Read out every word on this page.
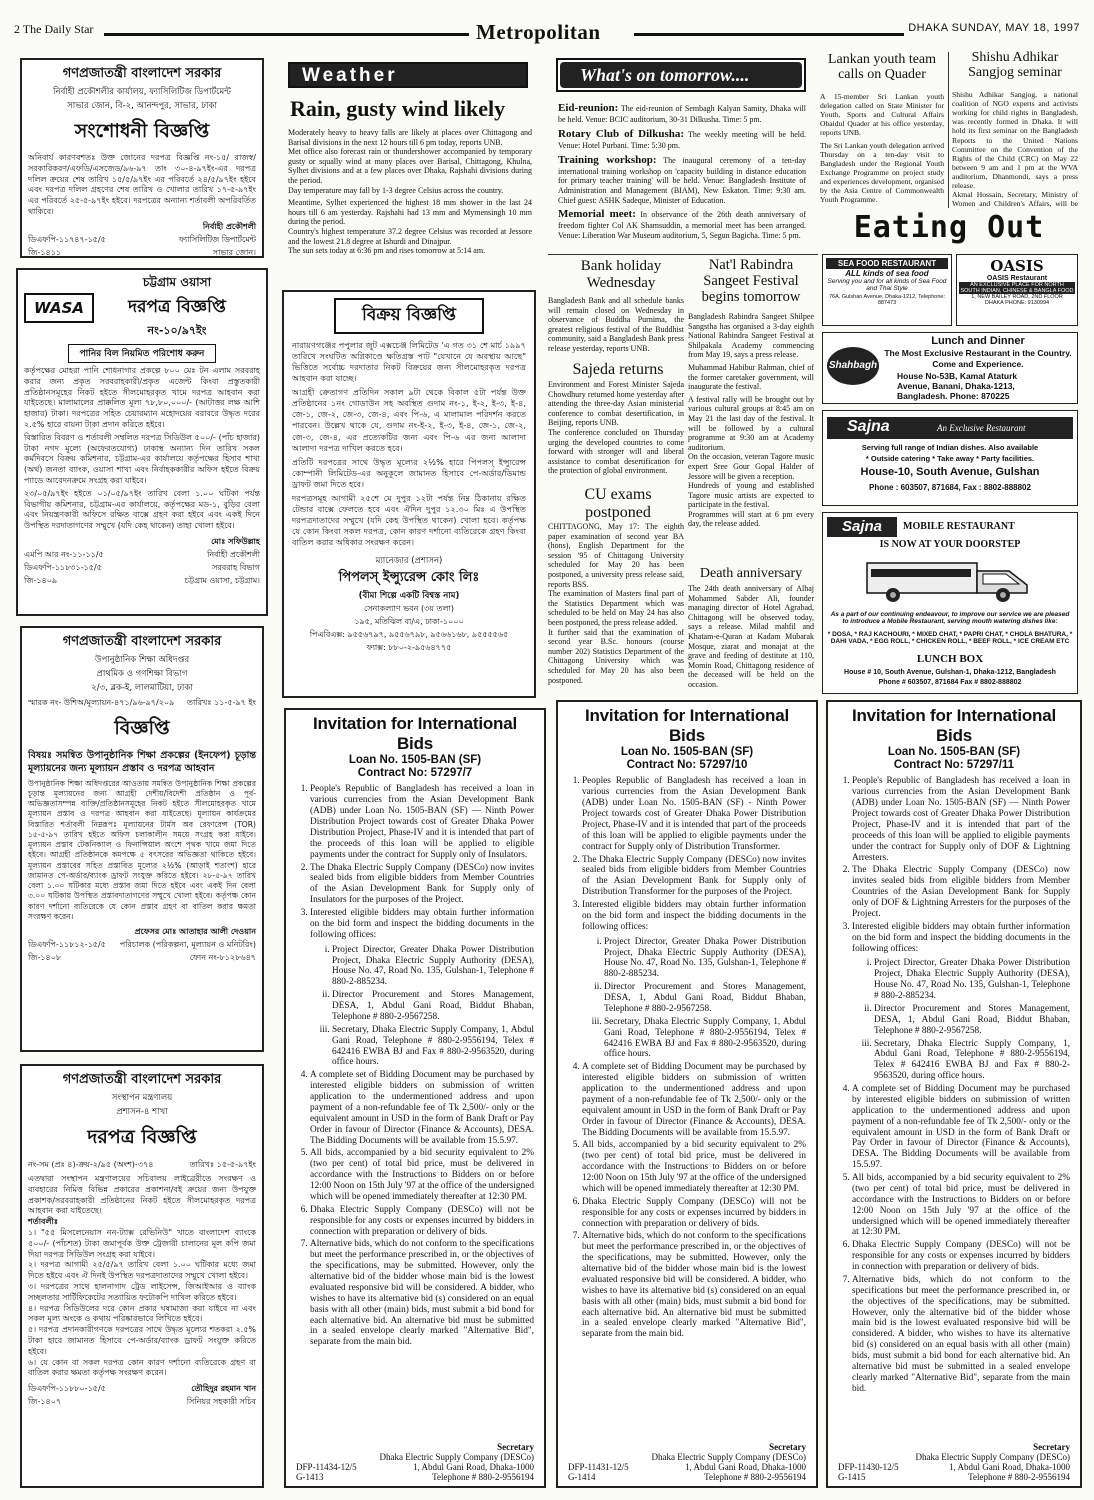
2 The Daily Star	Metropolitan	DHAKA SUNDAY, MAY 18, 1997
গণপ্রজাতন্ত্রী বাংলাদেশ সরকার
নির্বাহী প্রকৌশলীর কার্যালয়, ফ্যাসিলিটিজ ডিপার্টমেন্ট
সাভার জোন, বি-২, আনন্দপুর, সাভার, ঢাকা
সংশোধনী বিজ্ঞপ্তি
অনিবার্য কারণবশতঃ উক্ত জোনের দরপত্র বিজ্ঞপ্তি নং-১৫/ রাজস্ব/সরকারিকরণ/এফডি/এসজেড/৯৬-৯৭ তাং ৩০-৪-৯৭ইং-এর দরপত্র দলিল ক্রয়ের শেষ তারিখ ১৫/৫/৯৭ইং এর পরিবর্তে ২৪/৫/৯৭ইং হইবে এবং দরপত্র দলিল গ্রহণের শেষ তারিখ ও খোলার তারিখ ১৭-৫-৯৭ইং এর পরিবর্তে ২৫-৫-৯৭ইং হইবে। দরপত্রের অন্যান্য শর্তাবলী অপরিবর্তিত থাকিবে।
নির্বাহী প্রকৌশলী
ডিএফপি-১১৭৪৭-১৫/৫	ফ্যাসিলিটিজ ডিপার্টমেন্ট
জি-১৪১১	সাভার জোন।
WASA
চট্টগ্রাম ওয়াসা
দরপত্র বিজ্ঞপ্তি
নং-১০/৯৭ইং
পানির বিল নিয়মিত পরিশোধ করুন
কর্তৃপক্ষের মোহরা পানি শোধনাগার প্রকল্পে ৮০০ মেঃ টন এলাম সরবরাহ করার জন্য প্রকৃত সরবরাহকারী/প্রকৃত এজেন্ট কিংবা প্রস্তুতকারী প্রতিষ্ঠানসমূহের নিকট হইতে সীলমোহরকৃত খামে দরপত্র আহবান করা যাইতেছে। মালামালের প্রাক্কলিত মূল্য ৭৮,৮০,০০০/- (আটাত্তর লক্ষ আশি হাজার) টাকা। দরপত্রের সহিত চেয়ারম্যান মহোদয়ের বরাবরে উদ্ধৃত দরের ২.৫% হারে বায়না টাকা প্রদান করিতে হইবে।
বিস্তারিত বিবরণ ও শর্তাবলী সম্বলিত দরপত্র সিডিউল ৫০০/- (পাঁচ হাজার) টাকা নগদ মূল্যে (অফেরতযোগ্য) ঢাকাস্থ অন্যান্য দিন তারিখ সকল কর্মদিবসে বিক্রয় কমিশনার, চট্টগ্রাম-এর কার্যালয়ে কর্তৃপক্ষের হিসাব শাখা (অর্থ) জনতা ব্যাংক, ওয়াসা শাখা এবং নির্বাহককারীর অফিস হইতে বিক্রয় প্যাডে আবেদনক্রমে সংগ্রহ করা যাইবে।
২৩/০৫/৯৭ইং হইতে ০১/০৫/৯৭ইং তারিখ বেলা ১.০০ ঘটিকা পর্যন্ত বিভাগীয় কমিশনার, চট্টগ্রাম-এর কার্যালয়ে, কর্তৃপক্ষের মড-১, বুড়ির বেলা এবং নিয়ন্ত্রণকারী অফিসে রক্ষিত বাক্সে গ্রহণ করা হইবে এবং একই দিনে উপস্থিত দরদাতাগণের সম্মুখে (যদি কেহ থাকেন) তাহা খোলা হইবে।
মোঃ সফিউল্লাহ
এমপি আর নং-১১-১১/৫	নির্বাহী প্রকৌশলী
ডিএফপি-১১৮৩১-১৫/৫	সরবরাহ বিভাগ
জি-১৪০৯	চট্টগ্রাম ওয়াসা, চট্টগ্রাম।
গণপ্রজাতন্ত্রী বাংলাদেশ সরকার
উপানুষ্ঠানিক শিক্ষা অধিদপ্তর
প্রাথমিক ও গণশিক্ষা বিভাগ
২/৩, ব্লক-ই, লালমাটিয়া, ঢাকা
স্মারক নং- উশিঅ/মূল্যায়ন-৪৭১/৯৬-৯৭/২০৯ তারিখঃ ১১-৫-৯৭ ইং
বিজ্ঞপ্তি
বিষয়ঃ সমন্বিত উপানুষ্ঠানিক শিক্ষা প্রকল্পের (ইনফেপ) চূড়ান্ত মূল্যায়নের জন্য মূল্যায়ন প্রস্তাব ও দরপত্র আহবান
উপানুষ্ঠানিক শিক্ষা অধিদপ্তরের আওতায় সমন্বিত উপানুষ্ঠানিক শিক্ষা প্রকল্পের চূড়ান্ত মূল্যায়নের জন্য আগ্রহী দেশীয়/বিদেশী প্রতিষ্ঠান ও পূর্ব-অভিজ্ঞতাসম্পন্ন ব্যক্তি/প্রতিষ্ঠানসমূহের নিকট হইতে সীলমোহরকৃত খামে মূল্যায়ন প্রস্তাব ও দরপত্র আহবান করা যাইতেছে। মূল্যায়ন কার্যক্রমের বিস্তারিত শর্তাবলী নিম্নরূপঃ মূল্যায়নের টার্মস অব রেফারেন্স (TOR) ১৫-৫-৯৭ তারিখ হইতে অফিস চলাকালীন সময়ে সংগ্রহ করা যাইবে। মূল্যায়ন প্রস্তাব টেকনিক্যাল ও ফিনান্সিয়াল অংশে পৃথক খামে জমা দিতে হইবে। আগ্রহী প্রতিষ্ঠানকে কমপক্ষে ৫ বৎসরের অভিজ্ঞতা থাকিতে হইবে। মূল্যায়ন প্রস্তাবের সহিত প্রস্তাবিত মূল্যের ২½% (আড়াই শতাংশ) হারে জামানত পে-অর্ডার/ব্যাংক ড্রাফট সংযুক্ত করিতে হইবে। ২৮-৫-৯৭ তারিখ বেলা ১.০০ ঘটিকার মধ্যে প্রস্তাব জমা দিতে হইবে এবং একই দিন বেলা ৩.০০ ঘটিকায় উপস্থিত প্রস্তাবদাতাগণের সম্মুখে খোলা হইবে। কর্তৃপক্ষ কোন কারণ দর্শানো ব্যতিরেকে যে কোন প্রস্তাব গ্রহণ বা বাতিল করার ক্ষমতা সংরক্ষণ করেন।
প্রফেসর মোঃ আতাহার আলী দেওয়ান
ডিএফপি-১১৮১২-১৫/৫ পরিচালক (পরিকল্পনা, মূল্যায়ন ও মনিটরিং)
জি-১৪০৮	ফোন নং-৮১২৮৬৪৭
গণপ্রজাতন্ত্রী বাংলাদেশ সরকার
সংস্থাপন মন্ত্রণালয়
প্রশাসন-৪ শাখা
দরপত্র বিজ্ঞপ্তি
নং-সম (প্রঃ ৪)-ক্রয়-২/৯৫ (অংশ)-৩৭৪	তারিখঃ ১৫-৫-৯৭ইং
এতদ্বারা সংস্থাপন মন্ত্রণালয়ের সচিবালয় লাইব্রেরীতে সংরক্ষণ ও ব্যবহারের নিমিত্ত বিভিন্ন প্রকারের প্রকাশনা/বই ক্রয়ের জন্য উপযুক্ত প্রকাশক/সরবরাহকারী প্রতিষ্ঠানের নিকট হইতে সীলমোহরকৃত দরপত্র আহবান করা যাইতেছে।
শর্তাবলীঃ
১। "৫৫ মিসলেনেয়াস নন-ট্যাক্স রেভিনিউ" খাতে বাংলাদেশ ব্যাংকে ৫০০/- (পাঁচশত) টাকা জমাপূর্বক উক্ত ট্রেজারী চালানের মূল কপি জমা দিয়া দরপত্র সিডিউল সংগ্রহ করা যাইবে।
২। দরপত্র আগামী ২৫/৫/৯৭ তারিখ বেলা ১.০০ ঘটিকার মধ্যে জমা দিতে হইবে এবং ঐ দিনই উপস্থিত দরপত্রদাতাদের সম্মুখে খোলা হইবে।
৩। দরপত্রের সাথে হালনাগাদ ট্রেড লাইসেন্স, জিআইআর ও ব্যাংক সচ্ছলতার সার্টিফিকেটের সত্যায়িত ফটোকপি দাখিল করিতে হইবে।
৪। দরপত্র সিডিউলের দরে কোন প্রকার ঘষামাজা করা যাইবে না এবং সকল মূল্য অংকে ও কথায় পরিষ্কারভাবে লিখিতে হইবে।
৫। দরপত্র প্রদানকারীগণকে দরপত্রের সাথে উদ্ধৃত মূল্যের শতকরা ২.৫% টাকা হারে জামানত হিসাবে পে-অর্ডার/ব্যাংক ড্রাফট সংযুক্ত করিতে হইবে।
৬। যে কোন বা সকল দরপত্র কোন কারণ দর্শানো ব্যতিরেকে গ্রহণ বা বাতিল করার ক্ষমতা কর্তৃপক্ষ সংরক্ষণ করেন।
ডিএফপি-১১৮৮০-১৫/৫	তৌহিদুর রহমান খান
জি-১৪০৭	সিনিয়র সহকারী সচিব
Weather
Rain, gusty wind likely

Moderately heavy to heavy falls are likely at places over Chittagong and Barisal divisions in the next 12 hours till 6 pm today, reports UNB.

Met office also forecast rain or thundershower accompanied by temporary gusty or squally wind at many places over Barisal, Chittagong, Khulna, Sylhet divisions and at a few places over Dhaka, Rajshahi divisions during the period.

Day temperature may fall by 1-3 degree Celsius across the country.

Meantime, Sylhet experienced the highest 18 mm shower in the last 24 hours till 6 am yesterday. Rajshahi had 13 mm and Mymensingh 10 mm during the period.

Country's highest temperature 37.2 degree Celsius was recorded at Jessore and the lowest 21.8 degree at Ishurdi and Dinajpur.

The sun sets today at 6:36 pm and rises tomorrow at 5:14 am.

বিক্রয় বিজ্ঞপ্তি
নারায়ণগঞ্জের পপুলার জুট এক্সচেঞ্জ লিমিটেড 'এ গত ৩১ শে মার্চ ১৯৯৭ তারিখে সংঘটিত অগ্নিকাণ্ডে ক্ষতিগ্রস্ত পাট "যেখানে যে অবস্থায় আছে" ভিত্তিতে সর্বোচ্চ দরদাতার নিকট বিক্রয়ের জন্য সীলমোহরকৃত দরপত্র আহবান করা যাচ্ছে।
আগ্রহী ক্রেতাগণ প্রতিদিন সকাল ৯টা থেকে বিকাল ৫টা পর্যন্ত উক্ত প্রতিষ্ঠানের ১নং গোডাউন সহ অবস্থিত গুদাম নং-১, ই-২, ই-৩, ই-৪, জে-১, জে-২, জে-৩, জে-৪, এবং পি-৬, এ মালামাল পরিদর্শন করতে পারবেন। উল্লেখ থাকে যে, গুদাম নং-ই-২, ই-৩, ই-৪, জে-১, জে-২, জে-৩, জে-৪, এর প্রত্যেকটির জন্য এবং পি-৬ এর জন্য আলাদা আলাদা দরপত্র দাখিল করতে হবে।
প্রতিটি দরপত্রের সাথে উদ্ধৃত মূল্যের ২½% হারে পিপলস্ ইন্স্যুরেন্স কোম্পানী লিমিটেড-এর অনুকূলে জামানত হিসাবে পে-অর্ডার/ডিমান্ড ড্রাফট জমা দিতে হবে।
দরপত্রসমূহ আগামী ২৫শে মে দুপুর ১২টা পর্যন্ত নিম্ন ঠিকানায় রক্ষিত টেন্ডার বাক্সে ফেলতে হবে এবং ঐদিন দুপুর ১২.৩০ মিঃ এ উপস্থিত দরপত্রদাতাদের সম্মুখে (যদি কেহ উপস্থিত থাকেন) খোলা হবে। কর্তৃপক্ষ যে কোন কিংবা সকল দরপত্র, কোন কারণ দর্শানো ব্যতিরেকে গ্রহণ কিংবা বাতিল করার অধিকার সংরক্ষণ করেন।
ম্যানেজার (প্রশাসন)
পিপলস্ ইন্স্যুরেন্স কোং লিঃ
(বীমা শিল্পে একটি বিশ্বস্ত নাম)
সেনাকল্যাণ ভবন (৩য় তলা)
১৯৫, মতিঝিল বা/এ, ঢাকা-১০০০
পিএবিএক্স: ৯৫৫৬৭৯৭, ৯৫৫৬৭৯৮, ৯৫৬৬১৬৮, ৯৫৫৫৫৬৫
ফ্যাক্স: ৮৮০-২-৯৫৬৪৭৭৫
What's on tomorrow....

Eid-reunion: The eid-reunion of Sembagh Kalyan Samity, Dhaka will be held. Venue: BCIC auditorium, 30-31 Dilkusha. Time: 5 pm.

Rotary Club of Dilkusha: The weekly meeting will be held. Venue: Hotel Purbani. Time: 5:30 pm.

Training workshop: The inaugural ceremony of a ten-day international training workshop on 'capacity building in distance education for primary teacher training' will be held. Venue: Bangladesh Institute of Administration and Management (BIAM), New Eskaton. Time: 9:30 am. Chief guest: ASHK Sadeque, Minister of Education.

Memorial meet: In observance of the 26th death anniversary of freedom fighter Col AK Shamsuddin, a memorial meet has been arranged. Venue: Liberation War Museum auditorium, 5, Segun Bagicha. Time: 5 pm.

Bank holiday Wednesday
Bangladesh Bank and all schedule banks will remain closed on Wednesday in observance of Buddha Purnima, the greatest religious festival of the Buddhist community, said a Bangladesh Bank press release yesterday, reports UNB.
Sajeda returns

Environment and Forest Minister Sajeda Chowdhury returned home yesterday after attending the three-day Asian ministerial conference to combat desertification, in Beijing, reports UNB.

The conference concluded on Thursday urging the developed countries to come forward with stronger will and liberal assistance to combat desertification for the protection of global environment.

CU exams postponed

CHITTAGONG, May 17: The eighth paper examination of second year BA (hons), English Department for the session '95 of Chittagong University scheduled for May 20 has been postponed, a university press release said, reports BSS.

The examination of Masters final part of the Statistics Department which was scheduled to be held on May 24 has also been postponed, the press release added.

It further said that the examination of second year B.Sc. honours (course number 202) Statistics Department of the Chittagong University which was scheduled for May 20 has also been postponed.

Nat'l Rabindra Sangeet Festival begins tomorrow

Bangladesh Rabindra Sangeet Shilpee Sangstha has organised a 3-day eighth National Rabindra Sangeet Festival at Shilpakala Academy commencing from May 19, says a press release.

Muhammad Habibur Rahman, chief of the former caretaker government, will inaugurate the festival.

A festival rally will be brought out by various cultural groups at 8:45 am on May 21 the last day of the festival. It will be followed by a cultural programme at 9:30 am at Academy auditorium.

On the occasion, veteran Tagore music expert Sree Gour Gopal Halder of Jessore will be given a reception.

Hundreds of young and established Tagore music artists are expected to participate in the festival.

Programmes will start at 6 pm every day, the release added.

Death anniversary
The 24th death anniversary of Alhaj Mohammed Sabder Ali, founder managing director of Hotel Agrabad, Chittagong will be observed today, says a release. Milad mahfil and Khatam-e-Quran at Kadam Mubarak Mosque, ziarat and monajat at the grave and feeding of destitute at 110, Momin Road, Chittagong residence of the deceased will be held on the occasion.
Lankan youth team calls on Quader

A 15-member Sri Lankan youth delegation called on State Minister for Youth, Sports and Cultural Affairs Obaidul Quader at his office yesterday, reports UNB.

The Sri Lankan youth delegation arrived Thursday on a ten-day visit to Bangladesh under the Regional Youth Exchange Programme on project study and experiences development, organised by the Asia Centre of Commonwealth Youth Programme.

Shishu Adhikar Sangjog seminar

Shishu Adhikar Sangjog, a national coalition of NGO experts and activists working for child rights in Bangladesh, was recently formed in Dhaka. It will hold its first seminar on the Bangladesh Reports to the United Nations Committee on the Convention of the Rights of the Child (CRC) on May 22 between 9 am and 1 pm at the WVA auditorium, Dhanmondi, says a press release.

Akmal Hossain, Secretary, Ministry of Women and Children's Affairs, will be

Eating Out
SEA FOOD RESTAURANT
ALL kinds of sea food
Serving you and for all kinds of Sea Food and Thai Style
76A, Gulshan Avenue, Dhaka-1212, Telephone: 887473
OASIS
OASIS Restaurant
AN EXCLUSIVE PLACE FOR NORTH
SOUTH INDIAN, CHINESE & BANGLA FOOD
1, NEW BAILEY ROAD, 2ND FLOOR
DHAKA PHONE: 9130994
Shahbagh
Lunch and Dinner
The Most Exclusive Restaurant in the Country.
Come and Experience.
House No-53B, Kamal Ataturk
Avenue, Banani, Dhaka-1213,
Bangladesh. Phone: 870225
Sajna	An Exclusive Restaurant
Serving full range of Indian dishes. Also available
* Outside catering * Take away * Party facilities.
House-10, South Avenue, Gulshan
Phone : 603507, 871684, Fax : 8802-888802
Sajna	MOBILE RESTAURANT
IS NOW AT YOUR DOORSTEP
As a part of our continuing endeavour, to improve our service we are pleased to introduce a Mobile Restaurant, serving mouth watering dishes like:
* DOSA, * RAJ KACHOURI, * MIXED CHAT, * PAPRI CHAT, * CHOLA BHATURA, * DAHI VADA, * EGG ROLL, * CHICKEN ROLL, * BEEF ROLL, * ICE CREAM ETC
LUNCH BOX
House # 10, South Avenue, Gulshan-1, Dhaka-1212, Bangladesh
Phone # 603507, 871684 Fax # 8802-888802
Invitation for International Bids
Loan No. 1505-BAN (SF)
Contract No: 57297/7
1. People's Republic of Bangladesh has received a loan in various currencies from the Asian Development Bank (ADB) under Loan No. 1505-BAN (SF) — Ninth Power Distribution Project towards cost of Greater Dhaka Power Distribution Project, Phase-IV and it is intended that part of the proceeds of this loan will be applied to eligible payments under the contract for Supply only of Insulators.
2. The Dhaka Electric Supply Company (DESCo) now invites sealed bids from eligible bidders from Member Countries of the Asian Development Bank for Supply only of Insulators for the purposes of the Project.
3. Interested eligible bidders may obtain further information on the bid form and inspect the bidding documents in the following offices:
i. Project Director, Greater Dhaka Power Distribution Project, Dhaka Electric Supply Authority (DESA), House No. 47, Road No. 135, Gulshan-1, Telephone # 880-2-885234.
ii. Director Procurement and Stores Management, DESA, 1, Abdul Gani Road, Biddut Bhaban, Telephone # 880-2-9567258.
iii. Secretary, Dhaka Electric Supply Company, 1, Abdul Gani Road, Telephone # 880-2-9556194, Telex # 642416 EWBA BJ and Fax # 880-2-9563520, during office hours.
4. A complete set of Bidding Document may be purchased by interested eligible bidders on submission of written application to the undermentioned address and upon payment of a non-refundable fee of Tk 2,500/- only or the equivalent amount in USD in the form of Bank Draft or Pay Order in favour of Director (Finance & Accounts), DESA. The Bidding Documents will be available from 15.5.97.
5. All bids, accompanied by a bid security equivalent to 2% (two per cent) of total bid price, must be delivered in accordance with the Instructions to Bidders on or before 12:00 Noon on 15th July '97 at the office of the undersigned which will be opened immediately thereafter at 12:30 PM.
6. Dhaka Electric Supply Company (DESCo) will not be responsible for any costs or expenses incurred by bidders in connection with preparation or delivery of bids.
7. Alternative bids, which do not conform to the specifications but meet the performance prescribed in, or the objectives of the specifications, may be submitted. However, only the alternative bid of the bidder whose main bid is the lowest evaluated responsive bid will be considered. A bidder, who wishes to have its alternative bid (s) considered on an equal basis with all other (main) bids, must submit a bid bond for each alternative bid. An alternative bid must be submitted in a sealed envelope clearly marked "Alternative Bid", separate from the main bid.
Secretary
Dhaka Electric Supply Company (DESCo)
DFP-11434-12/5	1, Abdul Gani Road, Dhaka-1000
G-1413	Telephone # 880-2-9556194
Invitation for International Bids
Loan No. 1505-BAN (SF)
Contract No: 57297/10
1. Peoples Republic of Bangladesh has received a loan in various currencies from the Asian Development Bank (ADB) under Loan No. 1505-BAN (SF) - Ninth Power Project towards cost of Greater Dhaka Power Distribution Project, Phase-IV and it is intended that part of the proceeds of this loan will be applied to eligible payments under the contract for Supply only of Distribution Transformer.
2. The Dhaka Electric Supply Company (DESCo) now invites sealed bids from eligible bidders from Member Countries of the Asian Development Bank for Supply only of Distribution Transformer for the purposes of the Project.
3. Interested eligible bidders may obtain further information on the bid form and inspect the bidding documents in the following offices:
i. Project Director, Greater Dhaka Power Distribution Project, Dhaka Electric Supply Authority (DESA), House No. 47, Road No. 135, Gulshan-1, Telephone # 880-2-885234.
ii. Director Procurement and Stores Management, DESA, 1, Abdul Gani Road, Biddut Bhaban, Telephone # 880-2-9567258.
iii. Secretary, Dhaka Electric Supply Company, 1, Abdul Gani Road, Telephone # 880-2-9556194, Telex # 642416 EWBA BJ and Fax # 880-2-9563520, during office hours.
4. A complete set of Bidding Document may be purchased by interested eligible bidders on submission of written application to the undermentioned address and upon payment of a non-refundable fee of Tk 2,500/- only or the equivalent amount in USD in the form of Bank Draft or Pay Order in favour of Director (Finance & Accounts), DESA. The Bidding Documents will be available from 15.5.97.
5. All bids, accompanied by a bid security equivalent to 2% (two per cent) of total bid price, must be delivered in accordance with the Instructions to Bidders on or before 12:00 Noon on 15th July '97 at the office of the undersigned which will be opened immediately thereafter at 12:30 PM.
6. Dhaka Electric Supply Company (DESCo) will not be responsible for any costs or expenses incurred by bidders in connection with preparation or delivery of bids.
7. Alternative bids, which do not conform to the specifications but meet the performance prescribed in, or the objectives of the specifications, may be submitted. However, only the alternative bid of the bidder whose main bid is the lowest evaluated responsive bid will be considered. A bidder, who wishes to have its alternative bid (s) considered on an equal basis with all other (main) bids, must submit a bid bond for each alternative bid. An alternative bid must be submitted in a sealed envelope clearly marked "Alternative Bid", separate from the main bid.
Secretary
Dhaka Electric Supply Company (DESCo)
DFP-11431-12/5	1, Abdul Gani Road, Dhaka-1000
G-1414	Telephone # 880-2-9556194
Invitation for International Bids
Loan No. 1505-BAN (SF)
Contract No: 57297/11
1. People's Republic of Bangladesh has received a loan in various currencies from the Asian Development Bank (ADB) under Loan No. 1505-BAN (SF) — Ninth Power Project towards cost of Greater Dhaka Power Distribution Project, Phase-IV and it is intended that part of the proceeds of this loan will be applied to eligible payments under the contract for Supply only of DOF & Lightning Arresters.
2. The Dhaka Electric Supply Company (DESCo) now invites sealed bids from eligible bidders from Member Countries of the Asian Development Bank for Supply only of DOF & Lightning Arresters for the purposes of the Project.
3. Interested eligible bidders may obtain further information on the bid form and inspect the bidding documents in the following offices:
i. Project Director, Greater Dhaka Power Distribution Project, Dhaka Electric Supply Authority (DESA), House No. 47, Road No. 135, Gulshan-1, Telephone # 880-2-885234.
ii. Director Procurement and Stores Management, DESA, 1, Abdul Gani Road, Biddut Bhaban, Telephone # 880-2-9567258.
iii. Secretary, Dhaka Electric Supply Company, 1, Abdul Gani Road, Telephone # 880-2-9556194, Telex # 642416 EWBA BJ and Fax # 880-2-9563520, during office hours.
4. A complete set of Bidding Document may be purchased by interested eligible bidders on submission of written application to the undermentioned address and upon payment of a non-refundable fee of Tk 2,500/- only or the equivalent amount in USD in the form of Bank Draft or Pay Order in favour of Director (Finance & Accounts), DESA. The Bidding Documents will be available from 15.5.97.
5. All bids, accompanied by a bid security equivalent to 2% (two per cent) of total bid price, must be delivered in accordance with the Instructions to Bidders on or before 12:00 Noon on 15th July '97 at the office of the undersigned which will be opened immediately thereafter at 12:30 PM.
6. Dhaka Electric Supply Company (DESCo) will not be responsible for any costs or expenses incurred by bidders in connection with preparation or delivery of bids.
7. Alternative bids, which do not conform to the specifications but meet the performance prescribed in, or the objectives of the specifications, may be submitted. However, only the alternative bid of the bidder whose main bid is the lowest evaluated responsive bid will be considered. A bidder, who wishes to have its alternative bid (s) considered on an equal basis with all other (main) bids, must submit a bid bond for each alternative bid. An alternative bid must be submitted in a sealed envelope clearly marked "Alternative Bid", separate from the main bid.
Secretary
Dhaka Electric Supply Company (DESCo)
DFP-11430-12/5	1, Abdul Gani Road, Dhaka-1000
G-1415	Telephone # 880-2-9556194
